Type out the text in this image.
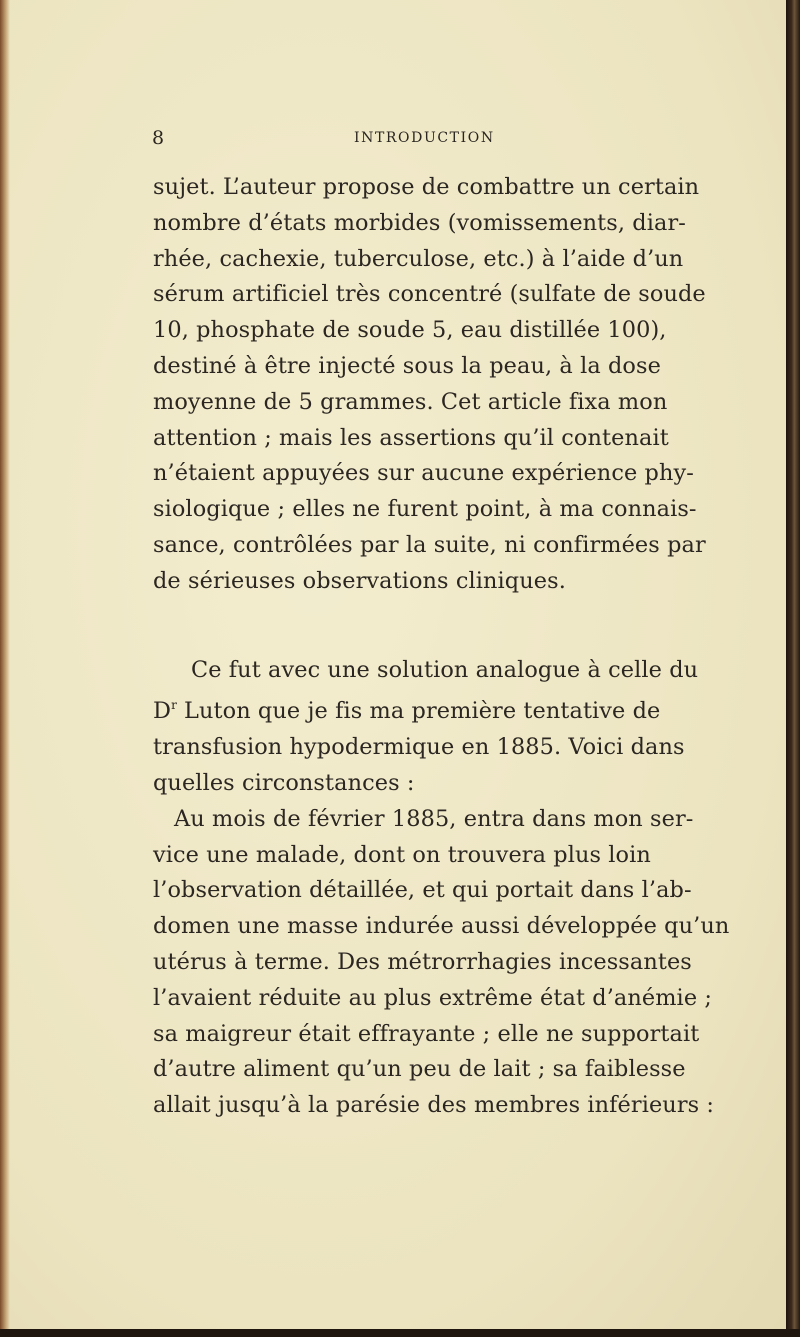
8	INTRODUCTION
sujet. L’auteur propose de combattre un certain
nombre d’états morbides (vomissements, diar-
rhée, cachexie, tuberculose, etc.) à l’aide d’un
sérum artificiel très concentré (sulfate de soude
10, phosphate de soude 5, eau distillée 100),
destiné à être injecté sous la peau, à la dose
moyenne de 5 grammes. Cet article fixa mon
attention ; mais les assertions qu’il contenait
n’étaient appuyées sur aucune expérience phy-
siologique ; elles ne furent point, à ma connais-
sance, contrôlées par la suite, ni confirmées par
de sérieuses observations cliniques.
Ce fut avec une solution analogue à celle du
$D^r$ Luton que je fis ma première tentative de
transfusion hypodermique en 1885. Voici dans
quelles circonstances :
Au mois de février 1885, entra dans mon ser-
vice une malade, dont on trouvera plus loin
l’observation détaillée, et qui portait dans l’ab-
domen une masse indurée aussi développée qu’un
utérus à terme. Des métrorrhagies incessantes
l’avaient réduite au plus extrême état d’anémie ;
sa maigreur était effrayante ; elle ne supportait
d’autre aliment qu’un peu de lait ; sa faiblesse
allait jusqu’à la parésie des membres inférieurs :
